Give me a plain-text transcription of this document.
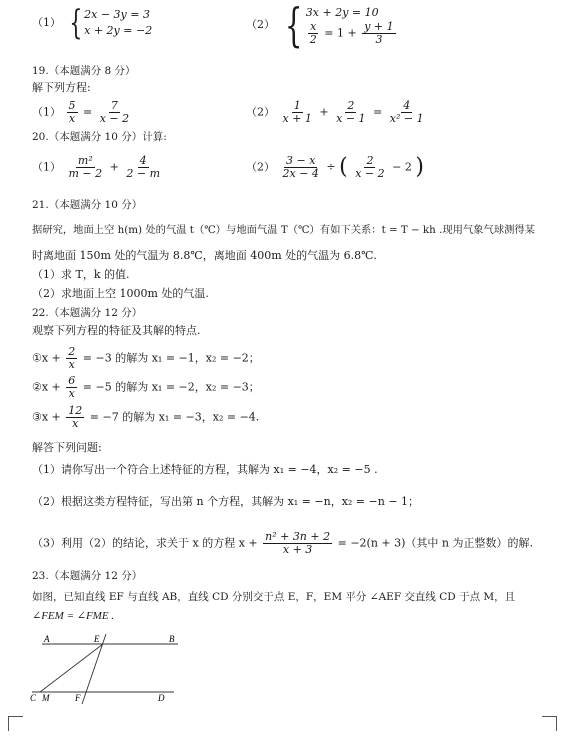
（1） { 2x − 3y = 3
x + 2y = −2	（2） { 3x + 2y = 10
$\frac{x}{2} = 1 + \frac{y + 1}{3}$
19.（本题满分 8 分）
解下列方程:
$(1) \frac{5}{x} = \frac{7}{x - 2}$	$(2) \frac{1}{x + 1} + \frac{2}{x - 1} = \frac{4}{\text{x² − 1}}$
20.（本题满分 10 分）计算:
$(1) \frac{\text{m²}}{m - 2} + \frac{4}{2 - m}$	$(2) \frac{3 - x}{2x - 4}$ ÷ ( $\frac{2}{x - 2} - 2$ )
21.（本题满分 10 分）
据研究，地面上空 h(m) 处的气温 t（℃）与地面气温 T（℃）有如下关系：t = T − kh .现用气象气球测得某
时离地面 150m 处的气温为 8.8℃，离地面 400m 处的气温为 6.8℃.
（1）求 T，k 的值.
（2）求地面上空 1000m 处的气温.
22.（本题满分 12 分）
观察下列方程的特征及其解的特点.
①x + $\frac{2}{x} = -3$ 的解为 x₁ = −1，x₂ = −2；
②x + $\frac{6}{x} = -5$ 的解为 x₁ = −2，x₂ = −3；
③x + $\frac{12}{x} = -7$ 的解为 x₁ = −3，x₂ = −4.
解答下列问题:
（1）请你写出一个符合上述特征的方程，其解为 x₁ = −4，x₂ = −5 .
（2）根据这类方程特征，写出第 n 个方程，其解为 x₁ = −n，x₂ = −n − 1；
（3）利用（2）的结论，求关于 x 的方程 $x + \frac{\text{n² + 3n + 2}}{x + 3} = -2(n + 3)$（其中 n 为正整数）的解.
23.（本题满分 12 分）
如图，已知直线 EF 与直线 AB，直线 CD 分别交于点 E，F，EM 平分 ∠AEF 交直线 CD 于点 M，且
∠FEM = ∠FME .
A	E	B
C M	F	D
